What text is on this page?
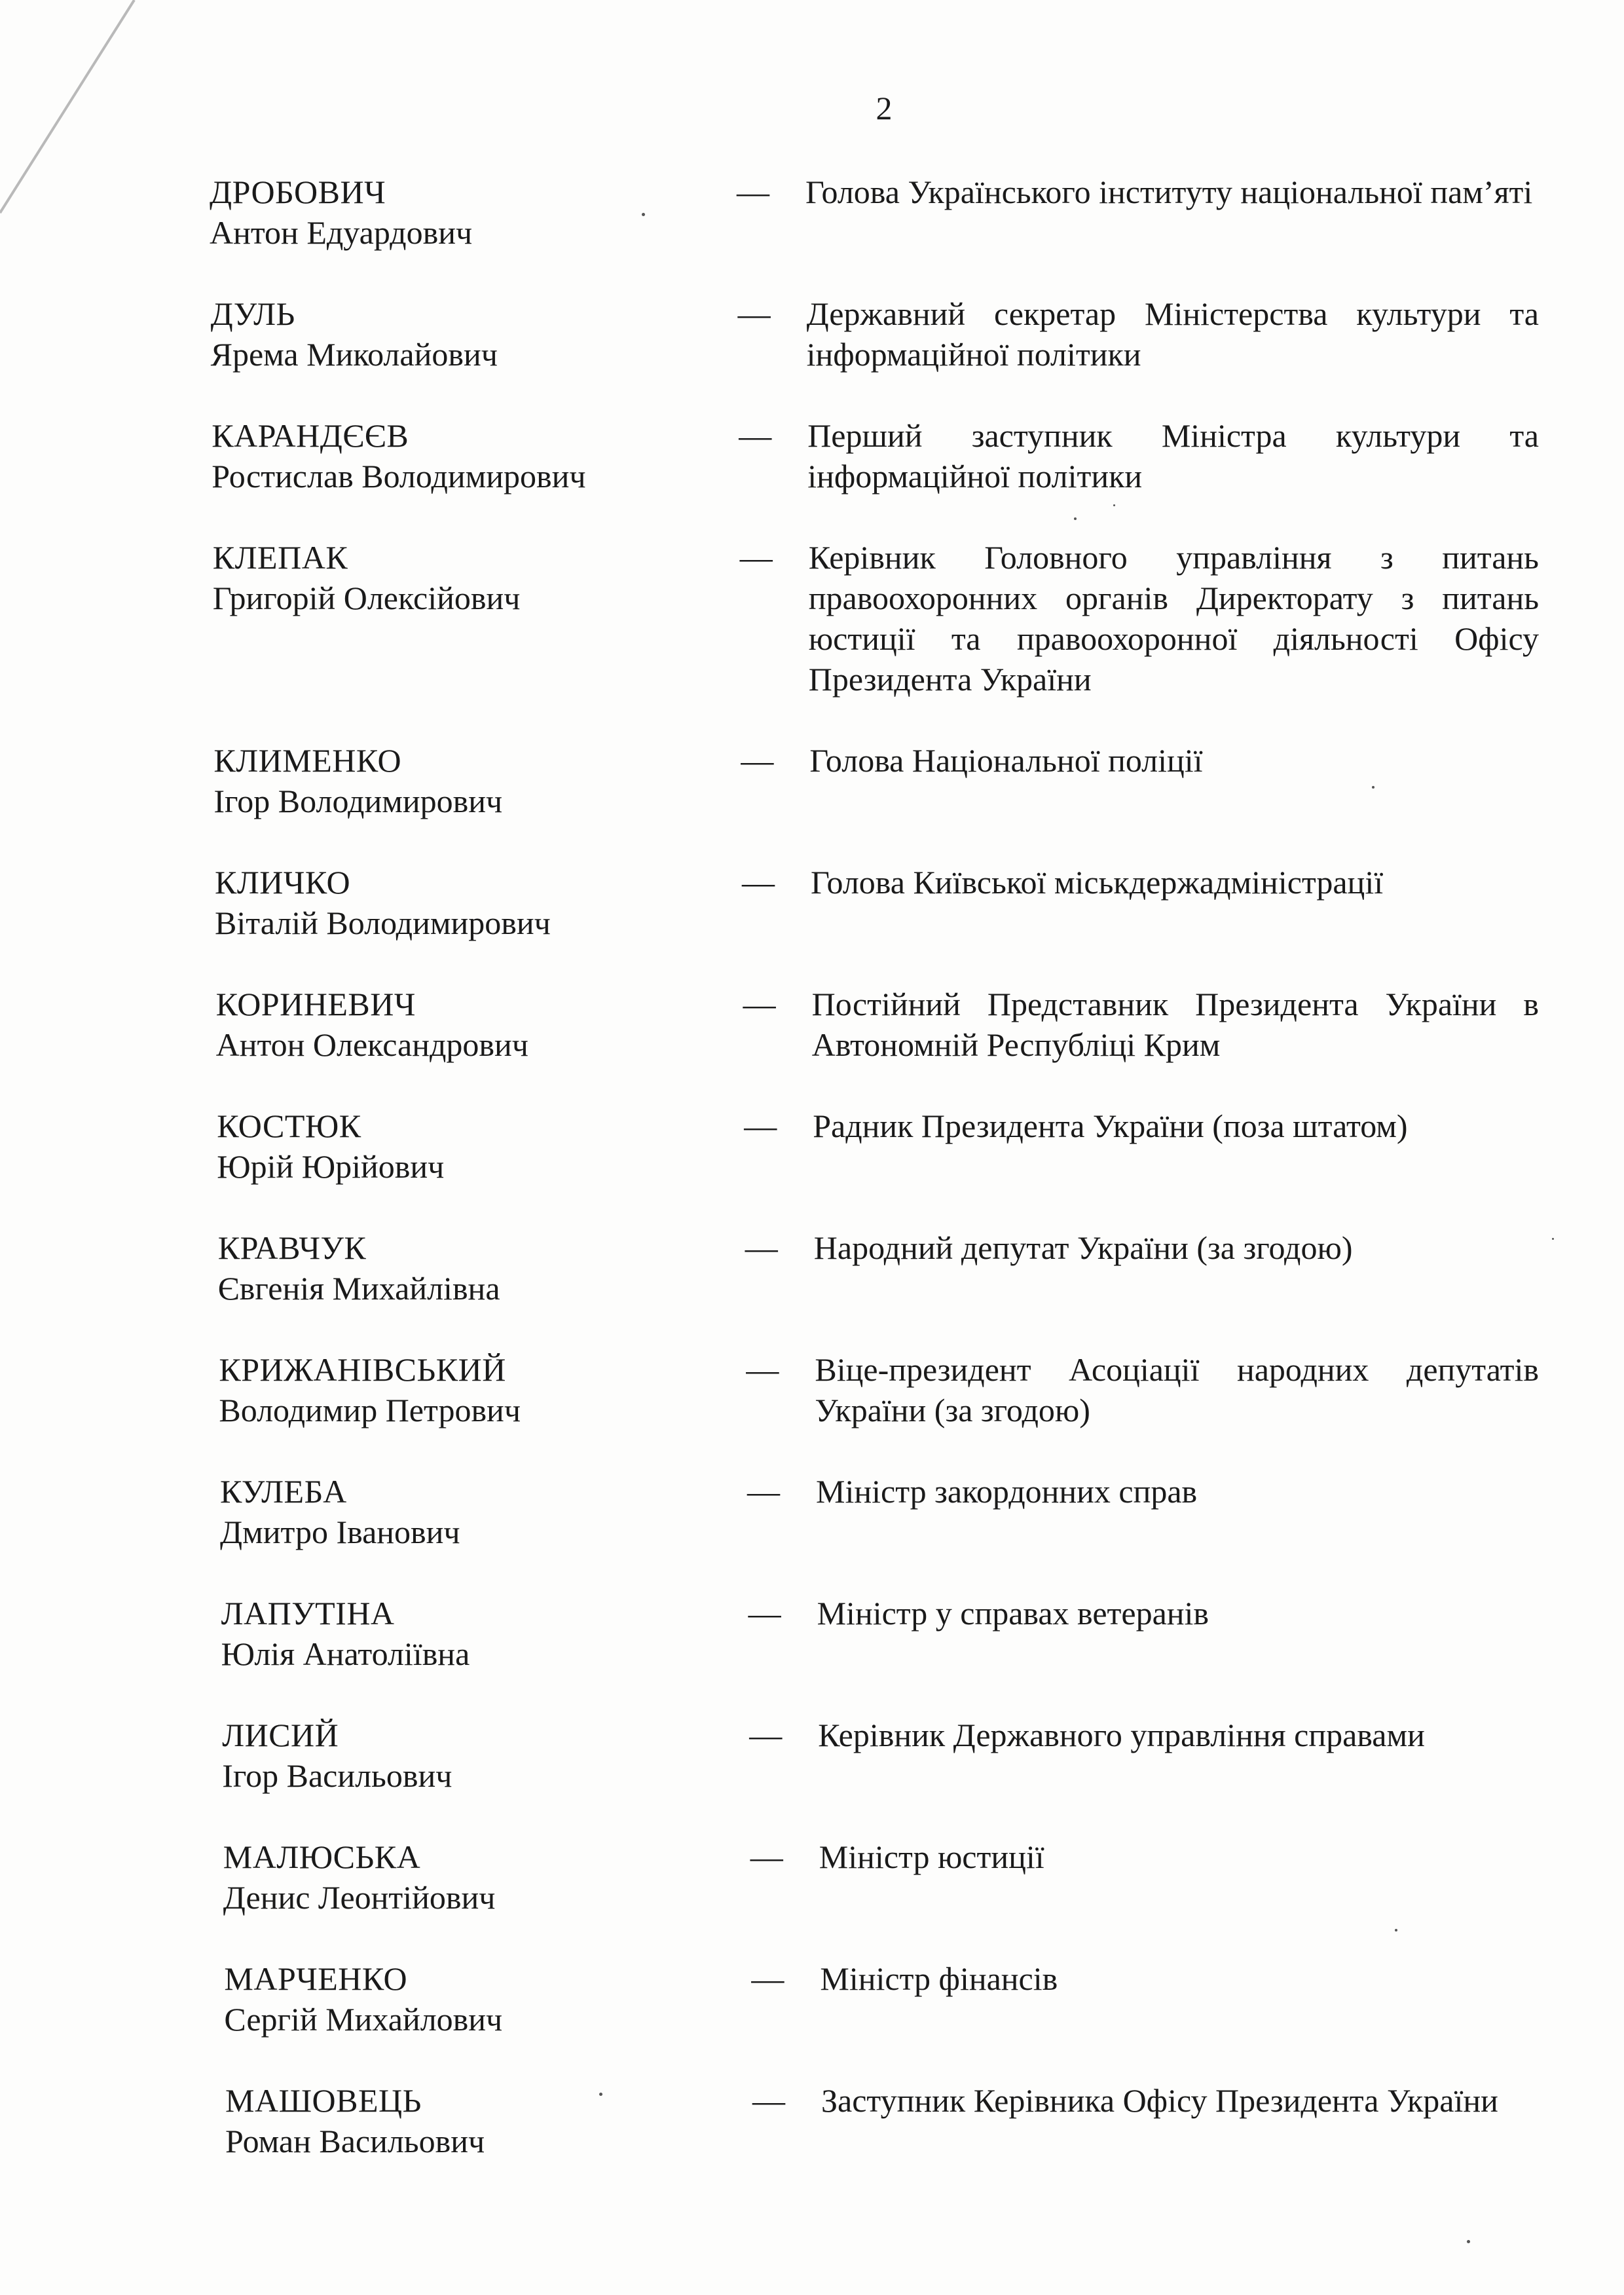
2
ДРОБОВИЧ
Антон Едуардович
—	Голова Українського інституту національної пам’яті
ДУЛЬ
Ярема Миколайович
—	Державний секретар Міністерства культури та інформаційної політики
КАРАНДЄЄВ
Ростислав Володимирович
—	Перший заступник Міністра культури та інформаційної політики
КЛЕПАК
Григорій Олексійович
—	Керівник Головного управління з питань правоохоронних органів Директорату з питань юстиції та правоохоронної діяльності Офісу Президента України
КЛИМЕНКО
Ігор Володимирович
—	Голова Національної поліції
КЛИЧКО
Віталій Володимирович
—	Голова Київської міськдержадміністрації
КОРИНЕВИЧ
Антон Олександрович
—	Постійний Представник Президента України в Автономній Республіці Крим
КОСТЮК
Юрій Юрійович
—	Радник Президента України (поза штатом)
КРАВЧУК
Євгенія Михайлівна
—	Народний депутат України (за згодою)
КРИЖАНІВСЬКИЙ
Володимир Петрович
—	Віце-президент Асоціації народних депутатів України (за згодою)
КУЛЕБА
Дмитро Іванович
—	Міністр закордонних справ
ЛАПУТІНА
Юлія Анатоліївна
—	Міністр у справах ветеранів
ЛИСИЙ
Ігор Васильович
—	Керівник Державного управління справами
МАЛЮСЬКА
Денис Леонтійович
—	Міністр юстиції
МАРЧЕНКО
Сергій Михайлович
—	Міністр фінансів
МАШОВЕЦЬ
Роман Васильович
—	Заступник Керівника Офісу Президента України
